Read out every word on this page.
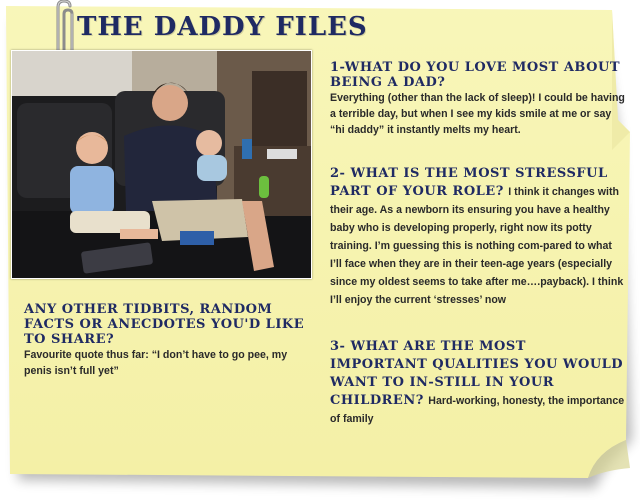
THE DADDY FILES
1-WHAT DO YOU LOVE MOST ABOUT BEING A DAD?
Everything (other than the lack of sleep)! I could be having a terrible day, but when I see my kids smile at me or say “hi daddy” it instantly melts my heart.

2- WHAT IS THE MOST STRESSFUL PART OF YOUR ROLE? I think it changes with their age. As a newborn its ensuring you have a healthy baby who is developing properly, right now its potty training. I’m guessing this is nothing com-pared to what I’ll face when they are in their teen-age years (especially since my oldest seems to take after me….payback). I think I’ll enjoy the current ‘stresses’ now

3- WHAT ARE THE MOST IMPORTANT QUALITIES YOU WOULD WANT TO IN-STILL IN YOUR CHILDREN? Hard-working, honesty, the importance of family

ANY OTHER TIDBITS, RANDOM FACTS OR ANECDOTES YOU'D LIKE TO SHARE?
Favourite quote thus far: “I don’t have to go pee, my penis isn’t full yet”
